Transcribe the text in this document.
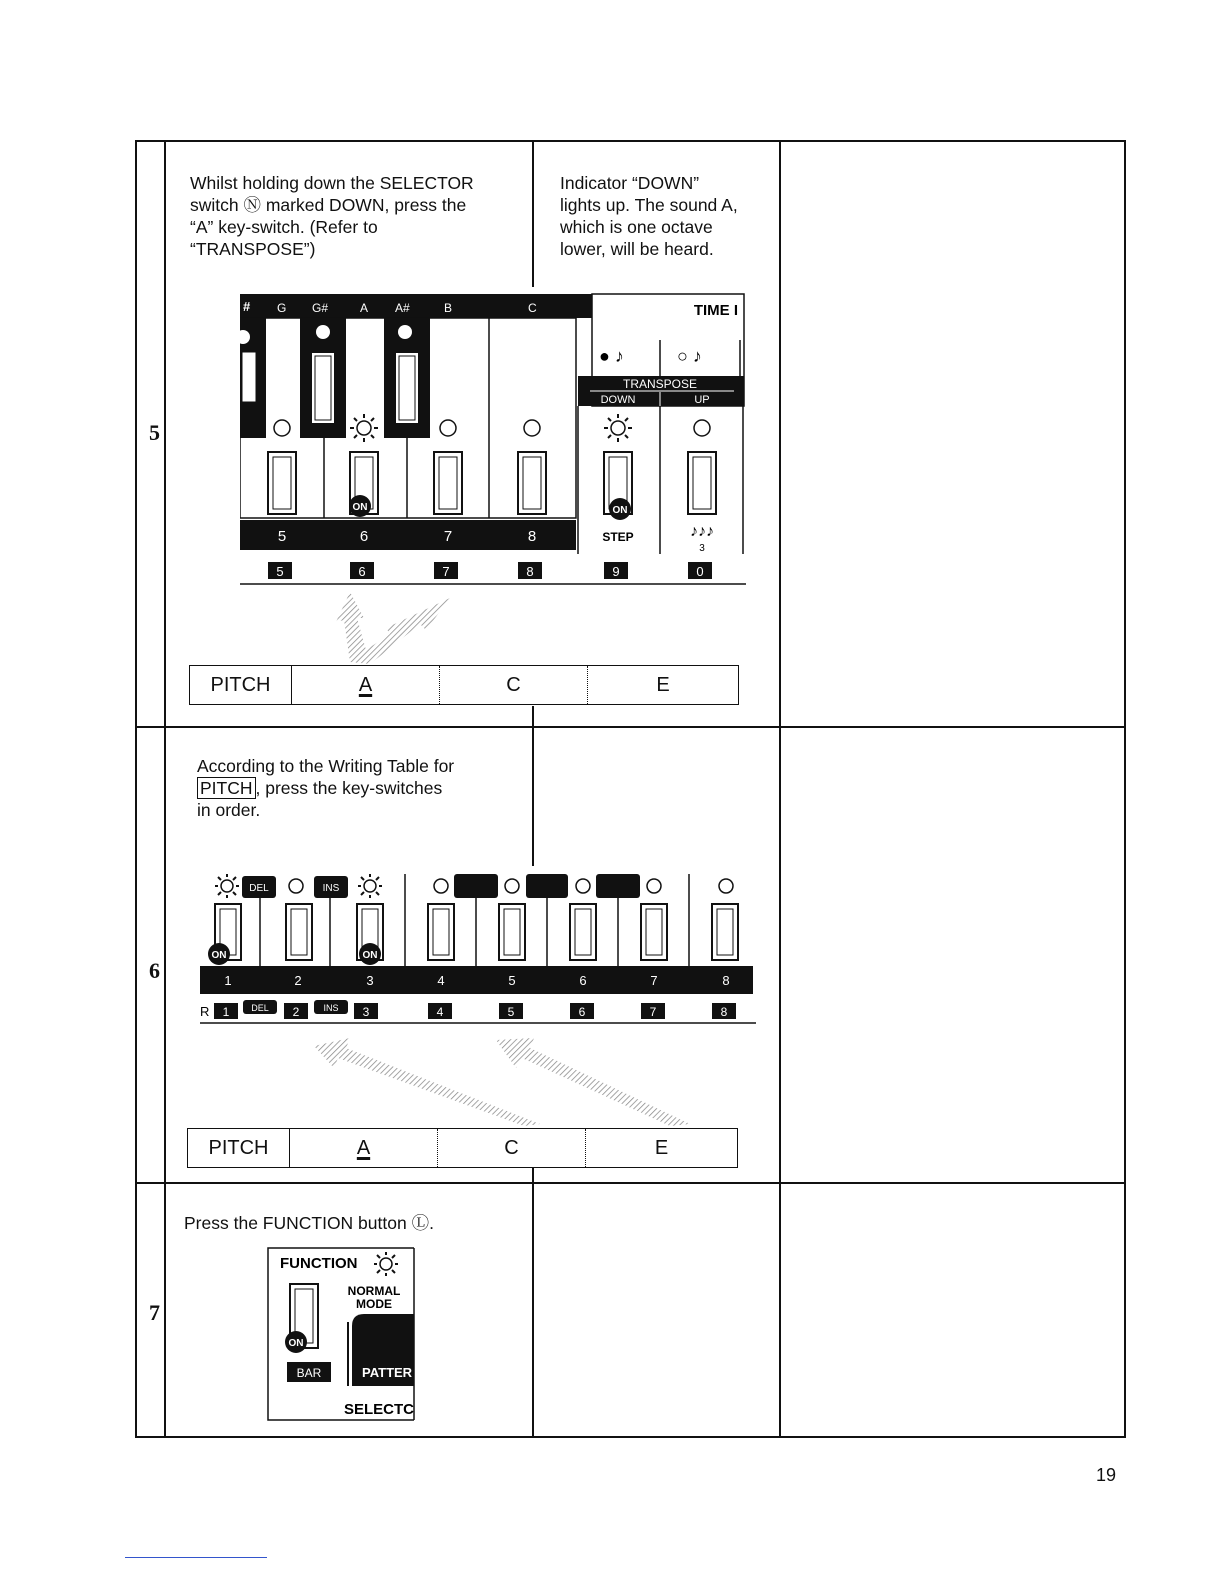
5
Whilst holding down the SELECTOR
switch Ⓝ marked DOWN, press the
“A” key-switch. (Refer to
“TRANSPOSE”)
Indicator “DOWN”
lights up. The sound A,
which is one octave
lower, will be heard.
# G G#	A A#	B	C
ON
5	6	7	8
TIME I
● ♪	○ ♪
TRANSPOSE
DOWN	UP
ON
STEP	♪♪♪
3
5	6	7	8	9	0
PITCH	A	C	E
6
According to the Writing Table for
PITCH , press the key-switches
in order.
DEL	INS
ON	ON
1	2	3	4	5	6	7	8
R 1 DEL 2	INS 3	4	5	6	7	8
PITCH	A	C	E
7
Press the FUNCTION button Ⓛ.
FUNCTION
NORMAL
MODE
ON
BAR	PATTER
SELECTC
19
